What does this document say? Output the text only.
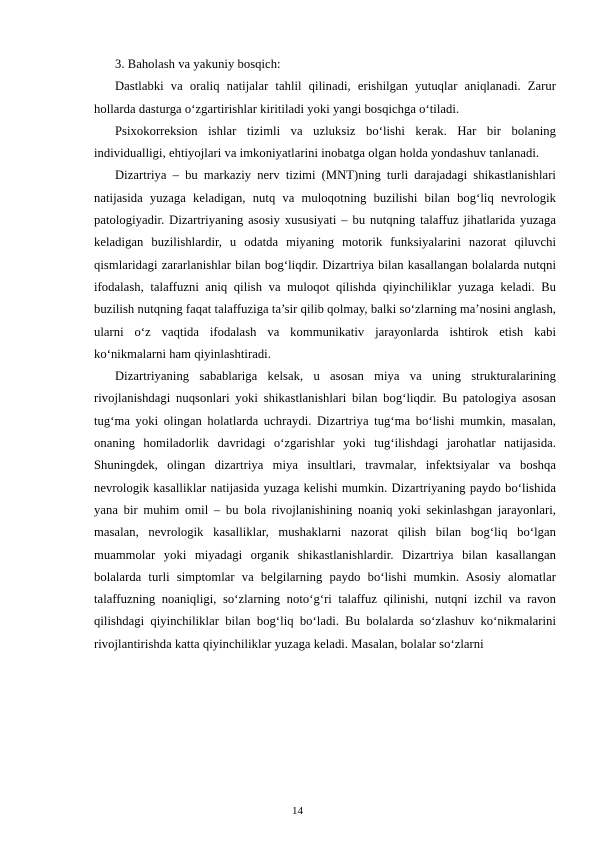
3. Baholash va yakuniy bosqich:

Dastlabki va oraliq natijalar tahlil qilinadi, erishilgan yutuqlar aniqlanadi. Zarur hollarda dasturga o‘zgartirishlar kiritiladi yoki yangi bosqichga o‘tiladi.

Psixokorreksion ishlar tizimli va uzluksiz bo‘lishi kerak. Har bir bolaning individualligi, ehtiyojlari va imkoniyatlarini inobatga olgan holda yondashuv tanlanadi.

Dizartriya – bu markaziy nerv tizimi (MNT)ning turli darajadagi shikastlanishlari natijasida yuzaga keladigan, nutq va muloqotning buzilishi bilan bog‘liq nevrologik patologiyadir. Dizartriyaning asosiy xususiyati – bu nutqning talaffuz jihatlarida yuzaga keladigan buzilishlardir, u odatda miyaning motorik funksiyalarini nazorat qiluvchi qismlaridagi zararlanishlar bilan bog‘liqdir. Dizartriya bilan kasallangan bolalarda nutqni ifodalash, talaffuzni aniq qilish va muloqot qilishda qiyinchiliklar yuzaga keladi. Bu buzilish nutqning faqat talaffuziga ta’sir qilib qolmay, balki so‘zlarning ma’nosini anglash, ularni o‘z vaqtida ifodalash va kommunikativ jarayonlarda ishtirok etish kabi ko‘nikmalarni ham qiyinlashtiradi.

Dizartriyaning sabablariga kelsak, u asosan miya va uning strukturalarining rivojlanishdagi nuqsonlari yoki shikastlanishlari bilan bog‘liqdir. Bu patologiya asosan tug‘ma yoki olingan holatlarda uchraydi. Dizartriya tug‘ma bo‘lishi mumkin, masalan, onaning homiladorlik davridagi o‘zgarishlar yoki tug‘ilishdagi jarohatlar natijasida. Shuningdek, olingan dizartriya miya insultlari, travmalar, infektsiyalar va boshqa nevrologik kasalliklar natijasida yuzaga kelishi mumkin. Dizartriyaning paydo bo‘lishida yana bir muhim omil – bu bola rivojlanishining noaniq yoki sekinlashgan jarayonlari, masalan, nevrologik kasalliklar, mushaklarni nazorat qilish bilan bog‘liq bo‘lgan muammolar yoki miyadagi organik shikastlanishlardir. Dizartriya bilan kasallangan bolalarda turli simptomlar va belgilarning paydo bo‘lishi mumkin. Asosiy alomatlar talaffuzning noaniqligi, so‘zlarning noto‘g‘ri talaffuz qilinishi, nutqni izchil va ravon qilishdagi qiyinchiliklar bilan bog‘liq bo‘ladi. Bu bolalarda so‘zlashuv ko‘nikmalarini rivojlantirishda katta qiyinchiliklar yuzaga keladi. Masalan, bolalar so‘zlarni

14
